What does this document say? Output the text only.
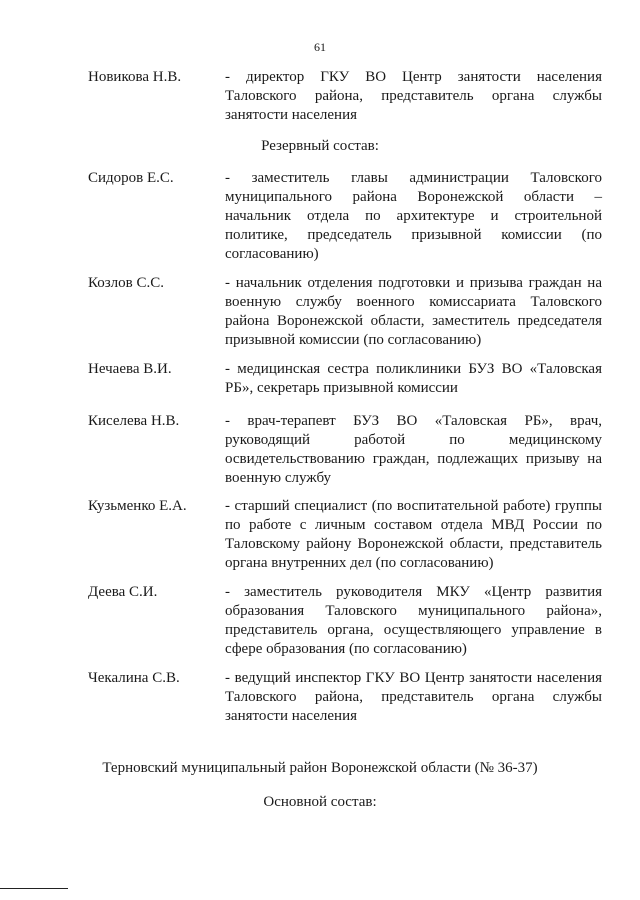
61
Новикова Н.В.	- директор ГКУ ВО Центр занятости населения Таловского района, представитель органа службы занятости населения
Резервный состав:
Сидоров Е.С.	- заместитель главы администрации Таловского муниципального района Воронежской области – начальник отдела по архитектуре и строительной политике, председатель призывной комиссии (по согласованию)
Козлов С.С.	- начальник отделения подготовки и призыва граждан на военную службу военного комиссариата Таловского района Воронежской области, заместитель председателя призывной комиссии (по согласованию)
Нечаева В.И.	- медицинская сестра поликлиники БУЗ ВО «Таловская РБ», секретарь призывной комиссии
Киселева Н.В.	- врач-терапевт БУЗ ВО «Таловская РБ», врач, руководящий работой по медицинскому освидетельствованию граждан, подлежащих призыву на военную службу
Кузьменко Е.А.	- старший специалист (по воспитательной работе) группы по работе с личным составом отдела МВД России по Таловскому району Воронежской области, представитель органа внутренних дел (по согласованию)
Деева С.И.	- заместитель руководителя МКУ «Центр развития образования Таловского муниципального района», представитель органа, осуществляющего управление в сфере образования (по согласованию)
Чекалина С.В.	- ведущий инспектор ГКУ ВО Центр занятости населения Таловского района, представитель органа службы занятости населения
Терновский муниципальный район Воронежской области (№ 36-37)
Основной состав:
